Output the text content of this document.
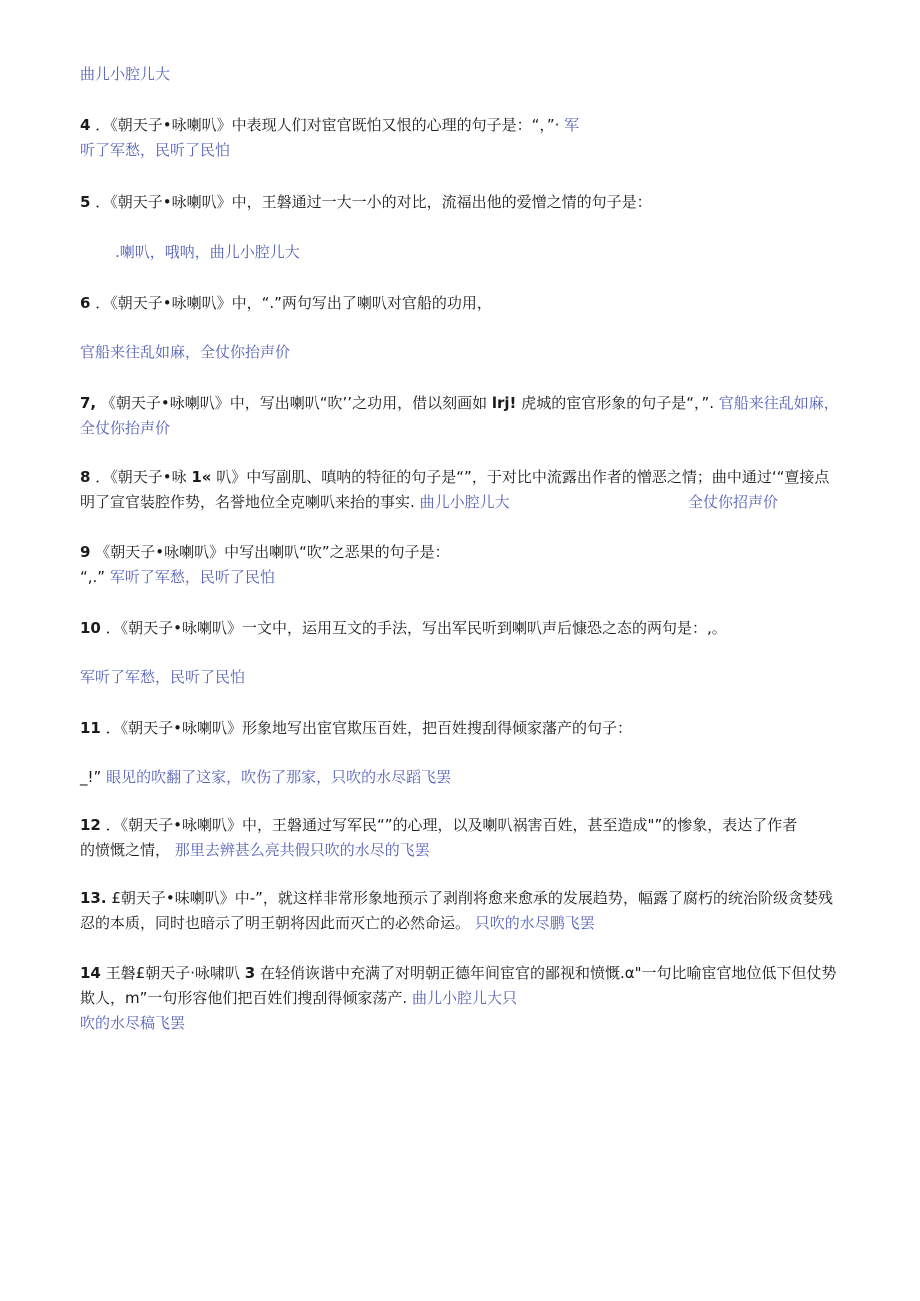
曲儿小腔儿大
4 ．《朝天子•咏喇叭》中表现人们对宦官既怕又恨的心理的句子是：“，”· 军
听了军愁，民听了民怕
5 ．《朝天子•咏喇叭》中，王磐通过一大一小的对比，流福出他的爱憎之情的句子是：
.喇叭，哦呐，曲儿小腔儿大
6 ．《朝天子•咏喇叭》中，“.”两句写出了喇叭对官船的功用，
官船来往乱如麻，全仗你抬声价
7, 《朝天子•咏喇叭》中，写出喇叭“吹’’之功用，借以刻画如 lrj! 虎城的宦官形象的句子是“，”. 官船来往乱如麻，
全仗你抬声价
8 ．《朝天子•咏 1« 叭》中写副肌、嗔呐的特征的句子是“”，于对比中流露出作者的憎恶之情；曲中通过‘“亶接点
明了宣官装腔作势，名誉地位全克喇叭来抬的事实. 曲儿小腔儿大	全仗你招声价
9 《朝天子•咏喇叭》中写出喇叭“吹”之恶果的句子是：
“,.” 军听了军愁，民听了民怕
10 ．《朝天子•咏喇叭》一文中，运用互文的手法，写出军民听到喇叭声后慷恐之态的两句是：,。
军听了军愁，民听了民怕
11 ．《朝天子•咏喇叭》形象地写出宦官欺压百姓，把百姓搜刮得倾家藩产的句子：
_!” 眼见的吹翻了这家，吹伤了那家，只吹的水尽蹈飞罢
12 ．《朝天子•咏喇叭》中，王磐通过写军民“”的心理，以及喇叭祸害百姓，甚至造成"”的惨象，表达了作者
的愤慨之情， 那里去辨甚么亮共假只吹的水尽的飞罢
13. £朝天子•味喇叭》中-”，就这样非常形象地预示了剥削将愈来愈承的发展趋势，幅露了腐朽的统治阶级贪婪残
忍的本质，同时也暗示了明王朝将因此而灭亡的必然命运。 只吹的水尽鹏飞罢
14 王磐£朝天子·咏啸叭 3 在轻俏诙谐中充满了对明朝正德年间宦官的鄙视和愤慨.α"一句比喻宦官地位低下但仗势
欺人，m”一句形容他们把百姓们搜刮得倾家荡产. 曲儿小腔儿大只
吹的水尽稿飞罢
